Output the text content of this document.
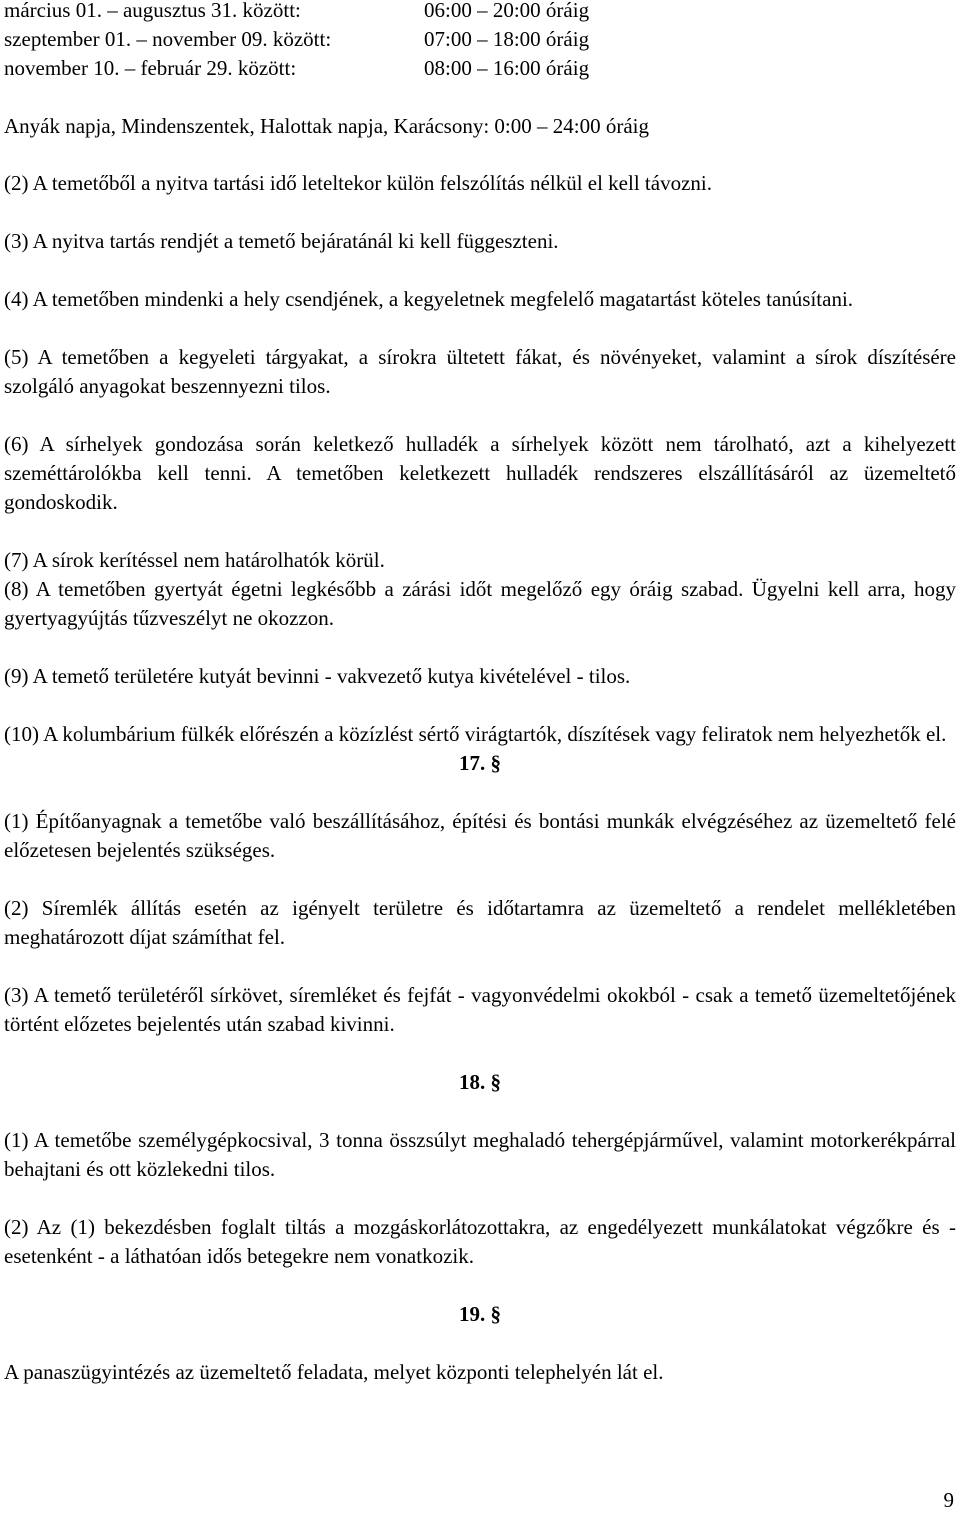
március 01. – augusztus 31. között:	06:00 – 20:00 óráig
szeptember 01. – november 09. között:	07:00 – 18:00 óráig
november 10. – február 29. között:	08:00 – 16:00 óráig

Anyák napja, Mindenszentek, Halottak napja, Karácsony: 0:00 – 24:00 óráig

(2) A temetőből a nyitva tartási idő leteltekor külön felszólítás nélkül el kell távozni.

(3) A nyitva tartás rendjét a temető bejáratánál ki kell függeszteni.

(4) A temetőben mindenki a hely csendjének, a kegyeletnek megfelelő magatartást köteles tanúsítani.

(5) A temetőben a kegyeleti tárgyakat, a sírokra ültetett fákat, és növényeket, valamint a sírok díszítésére szolgáló anyagokat beszennyezni tilos.

(6) A sírhelyek gondozása során keletkező hulladék a sírhelyek között nem tárolható, azt a kihelyezett szeméttárolókba kell tenni. A temetőben keletkezett hulladék rendszeres elszállításáról az üzemeltető gondoskodik.

(7) A sírok kerítéssel nem határolhatók körül.

(8) A temetőben gyertyát égetni legkésőbb a zárási időt megelőző egy óráig szabad. Ügyelni kell arra, hogy gyertyagyújtás tűzveszélyt ne okozzon.

(9) A temető területére kutyát bevinni - vakvezető kutya kivételével - tilos.

(10) A kolumbárium fülkék előrészén a közízlést sértő virágtartók, díszítések vagy feliratok nem helyezhetők el.

17. §

(1) Építőanyagnak a temetőbe való beszállításához, építési és bontási munkák elvégzéséhez az üzemeltető felé előzetesen bejelentés szükséges.

(2) Síremlék állítás esetén az igényelt területre és időtartamra az üzemeltető a rendelet mellékletében meghatározott díjat számíthat fel.

(3) A temető területéről sírkövet, síremléket és fejfát - vagyonvédelmi okokból - csak a temető üzemeltetőjének történt előzetes bejelentés után szabad kivinni.

18. §

(1) A temetőbe személygépkocsival, 3 tonna összsúlyt meghaladó tehergépjárművel, valamint motorkerékpárral behajtani és ott közlekedni tilos.

(2) Az (1) bekezdésben foglalt tiltás a mozgáskorlátozottakra, az engedélyezett munkálatokat végzőkre és - esetenként - a láthatóan idős betegekre nem vonatkozik.

19. §

A panaszügyintézés az üzemeltető feladata, melyet központi telephelyén lát el.

9
